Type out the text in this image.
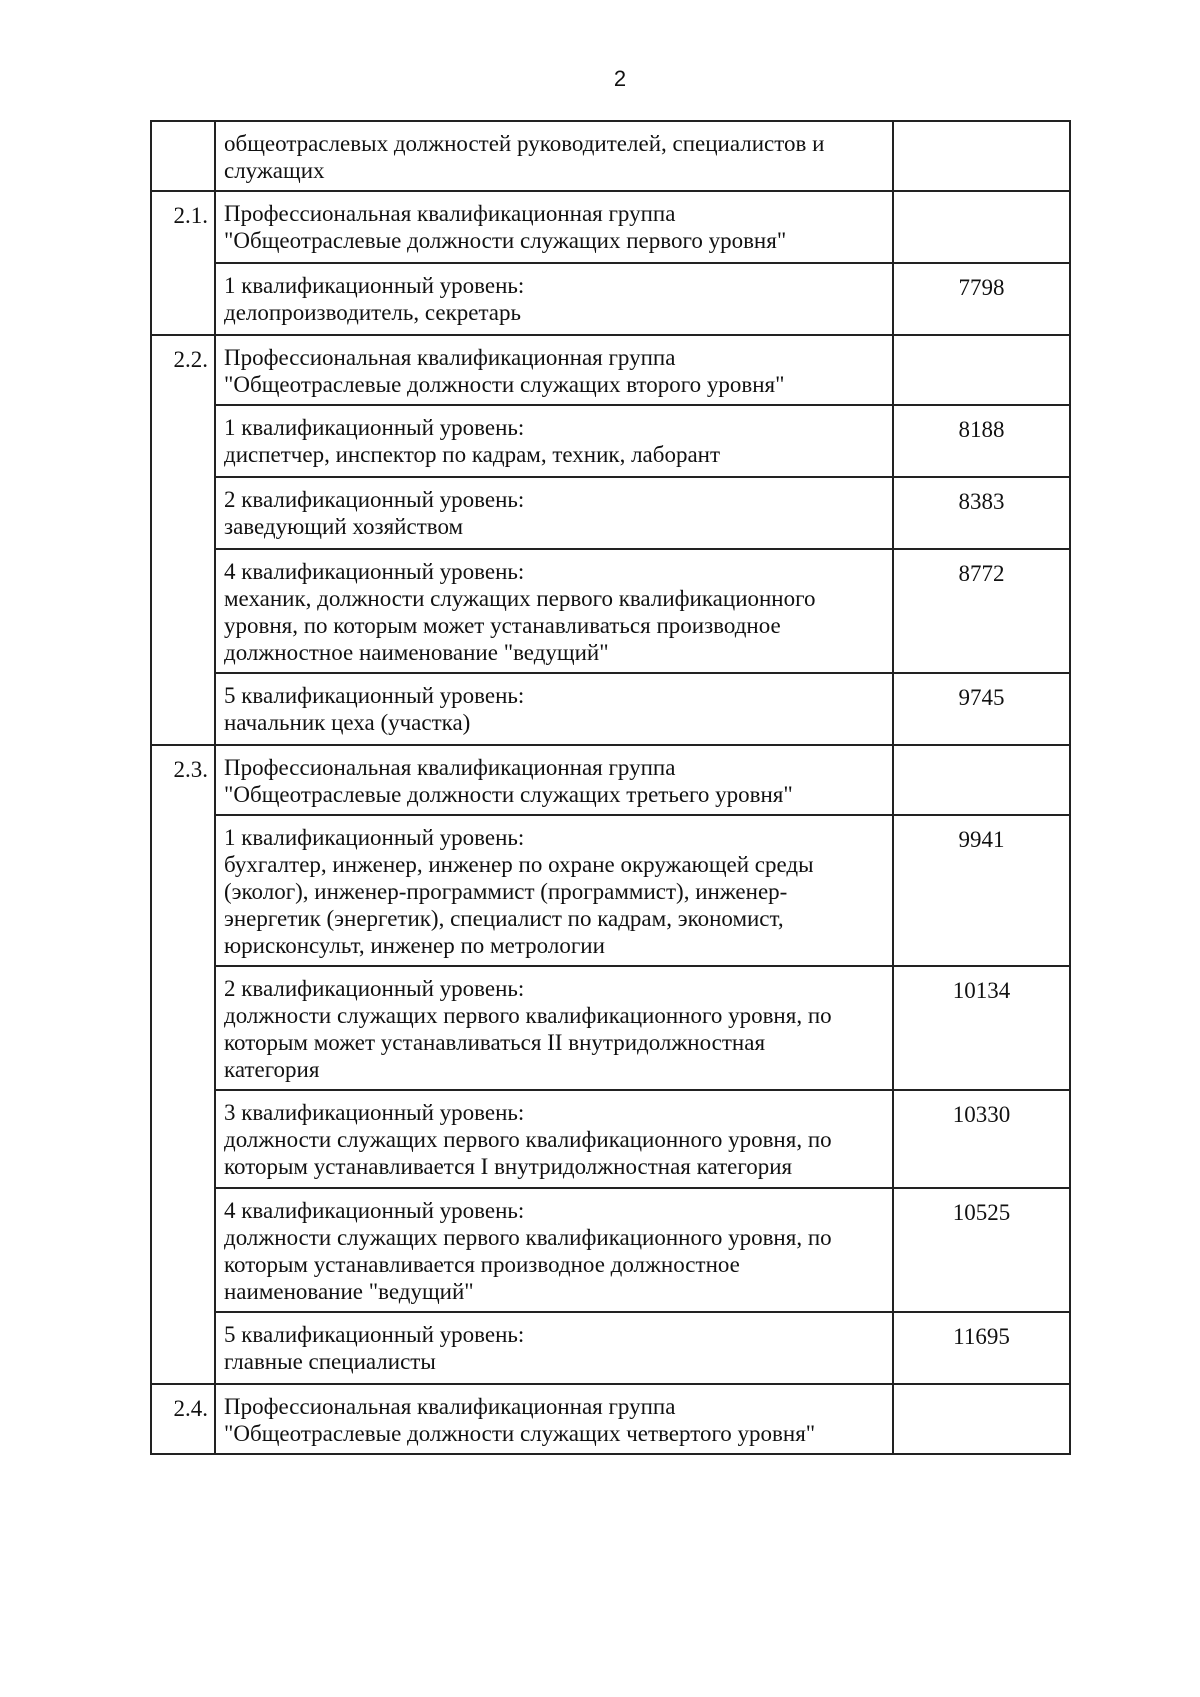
2

	общеотраслевых должностей руководителей, специалистов и
служащих	

2.1.	Профессиональная квалификационная группа
"Общеотраслевые должности служащих первого уровня"	

	1 квалификационный уровень:
делопроизводитель, секретарь	7798
2.2.	Профессиональная квалификационная группа
"Общеотраслевые должности служащих второго уровня"	

	1 квалификационный уровень:
диспетчер, инспектор по кадрам, техник, лаборант	8188

	2 квалификационный уровень:
заведующий хозяйством	8383

	4 квалификационный уровень:
механик, должности служащих первого квалификационного
уровня, по которым может устанавливаться производное
должностное наименование "ведущий"	8772

	5 квалификационный уровень:
начальник цеха (участка)	9745
2.3.	Профессиональная квалификационная группа
"Общеотраслевые должности служащих третьего уровня"	

	1 квалификационный уровень:
бухгалтер, инженер, инженер по охране окружающей среды
(эколог), инженер-программист (программист), инженер-
энергетик (энергетик), специалист по кадрам, экономист,
юрисконсульт, инженер по метрологии	9941

	2 квалификационный уровень:
должности служащих первого квалификационного уровня, по
которым может устанавливаться II внутридолжностная
категория	10134

	3 квалификационный уровень:
должности служащих первого квалификационного уровня, по
которым устанавливается I внутридолжностная категория	10330

	4 квалификационный уровень:
должности служащих первого квалификационного уровня, по
которым устанавливается производное должностное
наименование "ведущий"	10525

	5 квалификационный уровень:
главные специалисты	11695
2.4.	Профессиональная квалификационная группа
"Общеотраслевые должности служащих четвертого уровня"	
